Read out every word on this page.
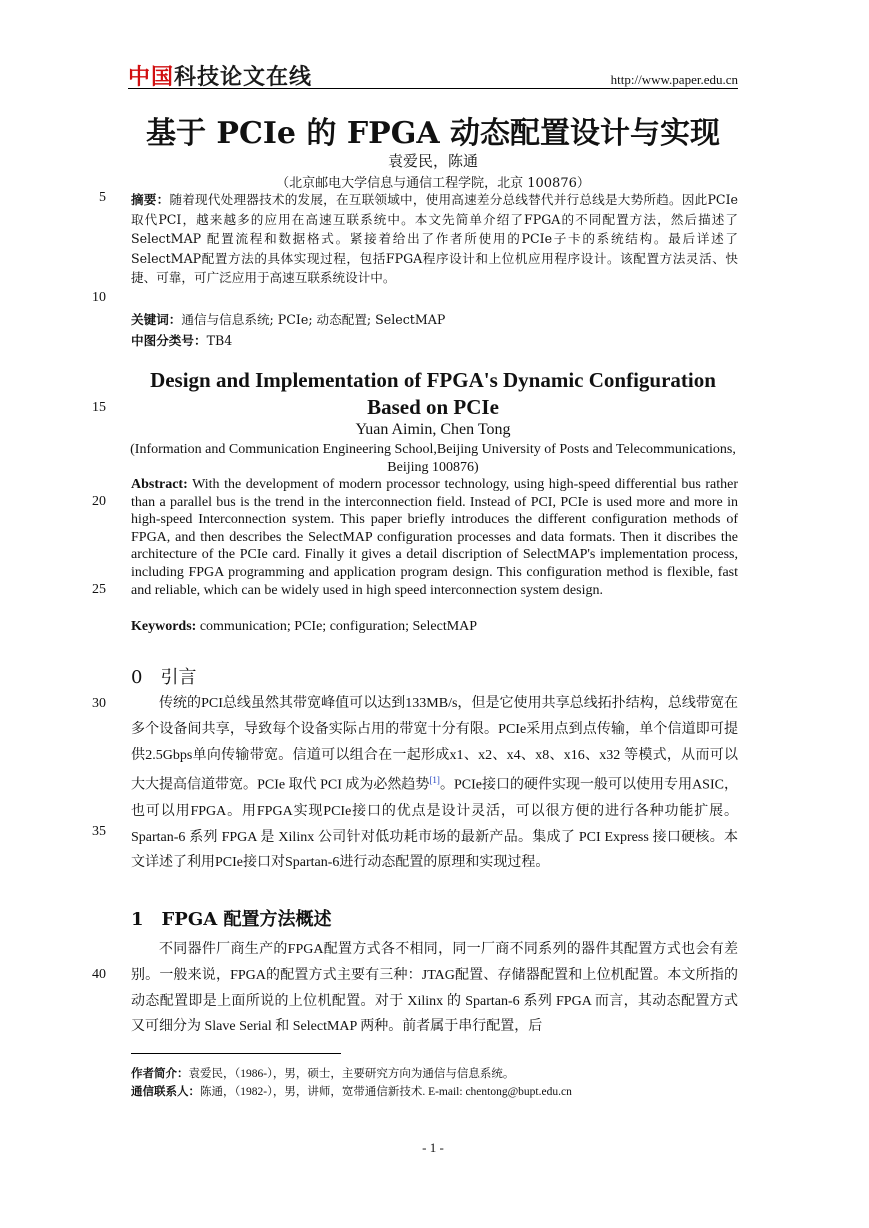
中国科技论文在线	http://www.paper.edu.cn
基于 PCIe 的 FPGA 动态配置设计与实现
袁爱民，陈通
（北京邮电大学信息与通信工程学院，北京 100876）
摘要：随着现代处理器技术的发展，在互联领域中，使用高速差分总线替代并行总线是大势所趋。因此PCIe取代PCI，越来越多的应用在高速互联系统中。本文先简单介绍了FPGA的不同配置方法，然后描述了 SelectMAP 配置流程和数据格式。紧接着给出了作者所使用的PCIe子卡的系统结构。最后详述了SelectMAP配置方法的具体实现过程，包括FPGA程序设计和上位机应用程序设计。该配置方法灵活、快捷、可靠，可广泛应用于高速互联系统设计中。
关键词：通信与信息系统; PCIe; 动态配置; SelectMAP
中图分类号：TB4
Design and Implementation of FPGA's Dynamic Configuration Based on PCIe
Yuan Aimin, Chen Tong
(Information and Communication Engineering School,Beijing University of Posts and Telecommunications, Beijing 100876)
Abstract: With the development of modern processor technology, using high-speed differential bus rather than a parallel bus is the trend in the interconnection field. Instead of PCI, PCIe is used more and more in high-speed Interconnection system. This paper briefly introduces the different configuration methods of FPGA, and then describes the SelectMAP configuration processes and data formats. Then it discribes the architecture of the PCIe card. Finally it gives a detail discription of SelectMAP's implementation process, including FPGA programming and application program design. This configuration method is flexible, fast and reliable, which can be widely used in high speed interconnection system design.
Keywords: communication; PCIe; configuration; SelectMAP
0　引言
传统的PCI总线虽然其带宽峰值可以达到133MB/s，但是它使用共享总线拓扑结构，总线带宽在多个设备间共享，导致每个设备实际占用的带宽十分有限。PCIe采用点到点传输，单个信道即可提供2.5Gbps单向传输带宽。信道可以组合在一起形成x1、x2、x4、x8、x16、x32 等模式，从而可以大大提高信道带宽。PCIe 取代 PCI 成为必然趋势[1]。PCIe接口的硬件实现一般可以使用专用ASIC，也可以用FPGA。用FPGA实现PCIe接口的优点是设计灵活，可以很方便的进行各种功能扩展。Spartan-6 系列 FPGA 是 Xilinx 公司针对低功耗市场的最新产品。集成了 PCI Express 接口硬核。本文详述了利用PCIe接口对Spartan-6进行动态配置的原理和实现过程。
1　FPGA 配置方法概述
不同器件厂商生产的FPGA配置方式各不相同，同一厂商不同系列的器件其配置方式也会有差别。一般来说，FPGA的配置方式主要有三种：JTAG配置、存储器配置和上位机配置。本文所指的动态配置即是上面所说的上位机配置。对于 Xilinx 的 Spartan-6 系列 FPGA 而言，其动态配置方式又可细分为 Slave Serial 和 SelectMAP 两种。前者属于串行配置，后
5
10
15
20
25
30
35
40
作者简介：袁爱民，（1986-），男，硕士，主要研究方向为通信与信息系统。
通信联系人：陈通，（1982-），男，讲师，宽带通信新技术. E-mail: chentong@bupt.edu.cn
- 1 -
